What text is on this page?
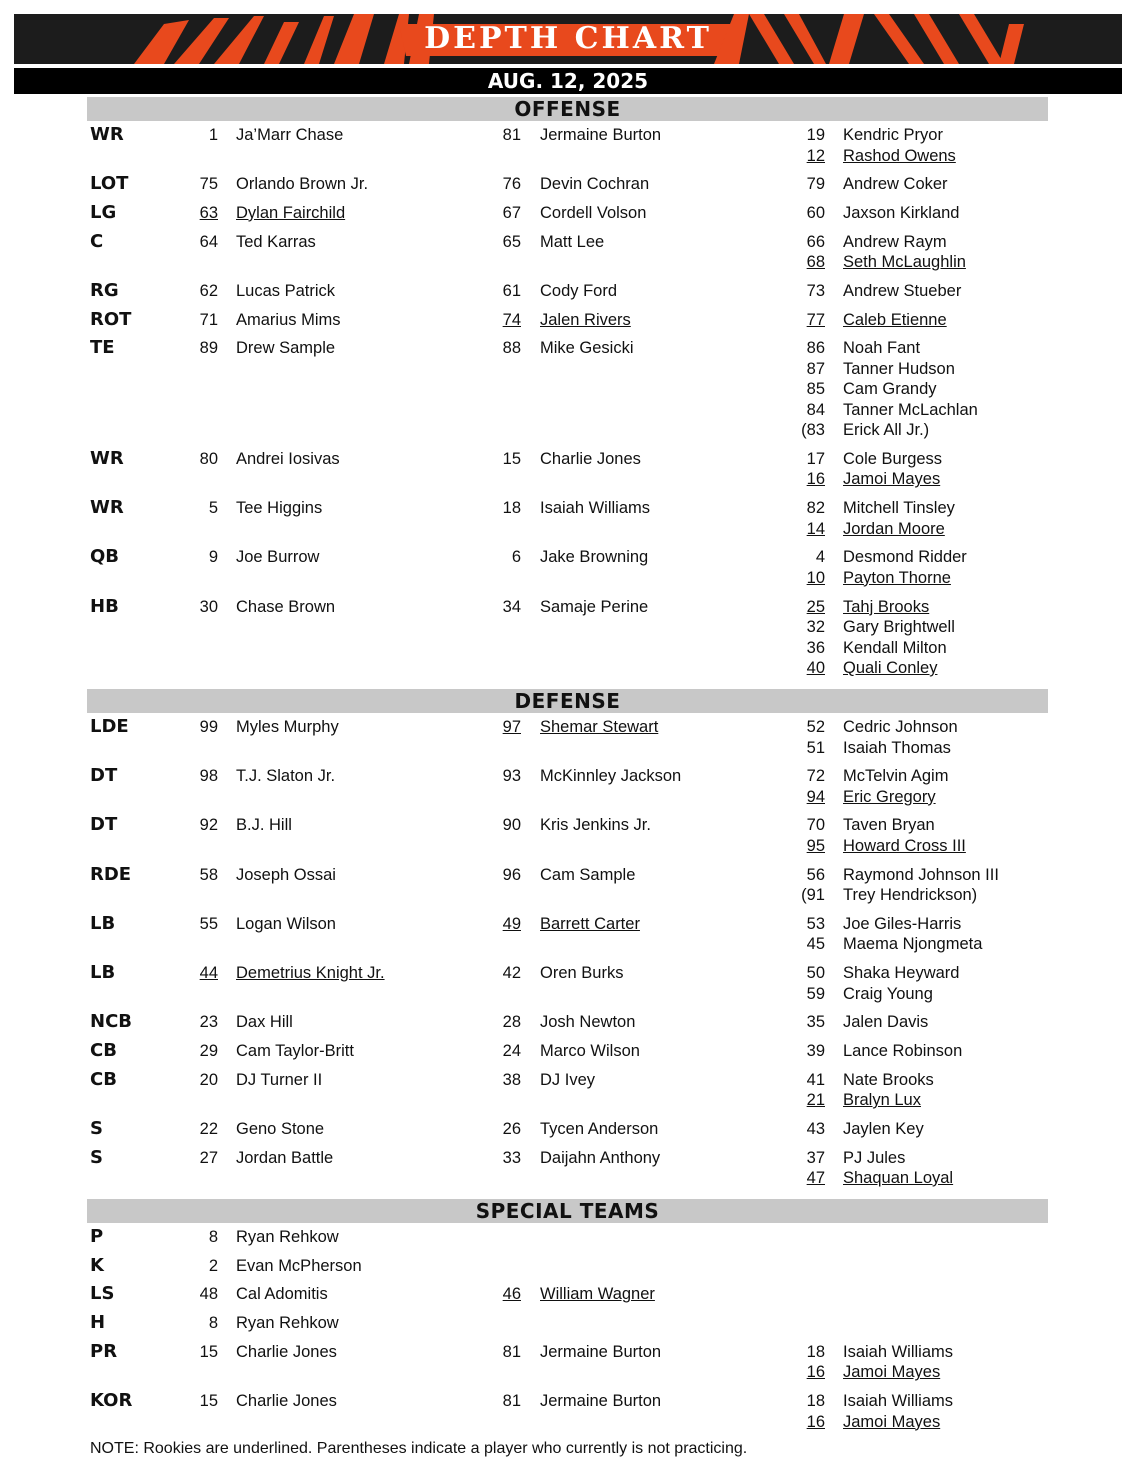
DEPTH CHART
AUG. 12, 2025
OFFENSE
WR	1 Ja’Marr Chase	81 Jermaine Burton	19 Kendric Pryor
12 Rashod Owens
LOT	75 Orlando Brown Jr.	76 Devin Cochran	79 Andrew Coker
LG	63 Dylan Fairchild	67 Cordell Volson	60 Jaxson Kirkland
C	64 Ted Karras	65 Matt Lee	66 Andrew Raym
68 Seth McLaughlin
RG	62 Lucas Patrick	61 Cody Ford	73 Andrew Stueber
ROT	71 Amarius Mims	74 Jalen Rivers	77 Caleb Etienne
TE	89 Drew Sample	88 Mike Gesicki	86 Noah Fant
87 Tanner Hudson
85 Cam Grandy
84 Tanner McLachlan
(83 Erick All Jr.)
WR	80 Andrei Iosivas	15 Charlie Jones	17 Cole Burgess
16 Jamoi Mayes
WR	5 Tee Higgins	18 Isaiah Williams	82 Mitchell Tinsley
14 Jordan Moore
QB	9 Joe Burrow	6 Jake Browning	4 Desmond Ridder
10 Payton Thorne
HB	30 Chase Brown	34 Samaje Perine	25 Tahj Brooks
32 Gary Brightwell
36 Kendall Milton
40 Quali Conley
DEFENSE
LDE	99 Myles Murphy	97 Shemar Stewart	52 Cedric Johnson
51 Isaiah Thomas
DT	98 T.J. Slaton Jr.	93 McKinnley Jackson	72 McTelvin Agim
94 Eric Gregory
DT	92 B.J. Hill	90 Kris Jenkins Jr.	70 Taven Bryan
95 Howard Cross III
RDE	58 Joseph Ossai	96 Cam Sample	56 Raymond Johnson III
(91 Trey Hendrickson)
LB	55 Logan Wilson	49 Barrett Carter	53 Joe Giles-Harris
45 Maema Njongmeta
LB	44 Demetrius Knight Jr.	42 Oren Burks	50 Shaka Heyward
59 Craig Young
NCB	23 Dax Hill	28 Josh Newton	35 Jalen Davis
CB	29 Cam Taylor-Britt	24 Marco Wilson	39 Lance Robinson
CB	20 DJ Turner II	38 DJ Ivey	41 Nate Brooks
21 Bralyn Lux
S	22 Geno Stone	26 Tycen Anderson	43 Jaylen Key
S	27 Jordan Battle	33 Daijahn Anthony	37 PJ Jules
47 Shaquan Loyal
SPECIAL TEAMS
P	8 Ryan Rehkow
K	2 Evan McPherson
LS	48 Cal Adomitis	46 William Wagner
H	8 Ryan Rehkow
PR	15 Charlie Jones	81 Jermaine Burton	18 Isaiah Williams
16 Jamoi Mayes
KOR	15 Charlie Jones	81 Jermaine Burton	18 Isaiah Williams
16 Jamoi Mayes
NOTE: Rookies are underlined. Parentheses indicate a player who currently is not practicing.
